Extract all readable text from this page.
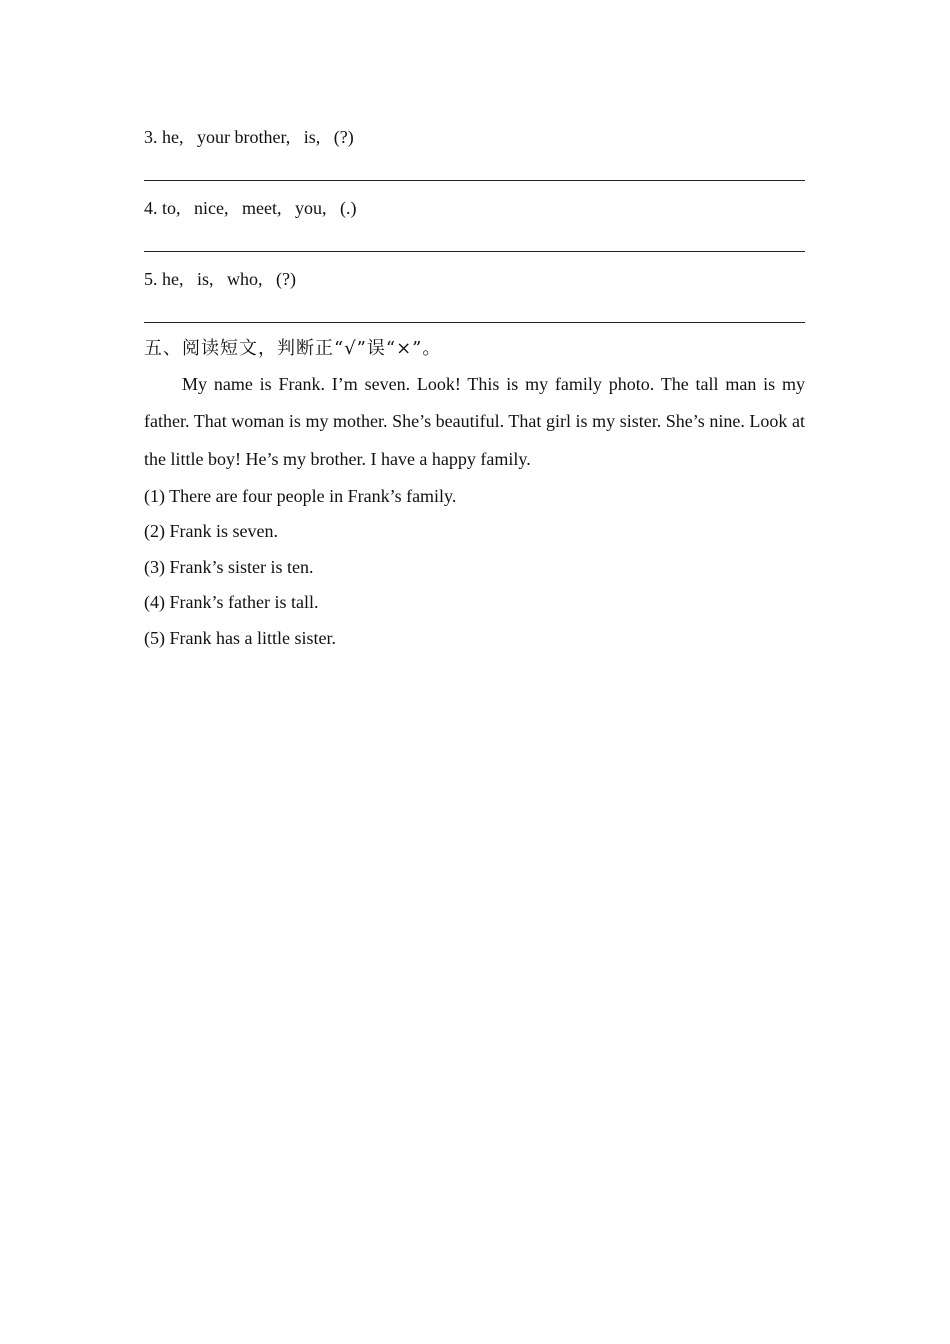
3. he,   your brother,   is,   (?)
4. to,   nice,   meet,   you,   (.)
5. he,   is,   who,   (?)
五、阅读短文，判断正“√”误“×”。
My name is Frank. I’m seven. Look! This is my family photo. The tall man is my father. That woman is my mother. She’s beautiful. That girl is my sister. She’s nine. Look at the little boy! He’s my brother. I have a happy family.
(1) There are four people in Frank’s family.
(2) Frank is seven.
(3) Frank’s sister is ten.
(4) Frank’s father is tall.
(5) Frank has a little sister.
